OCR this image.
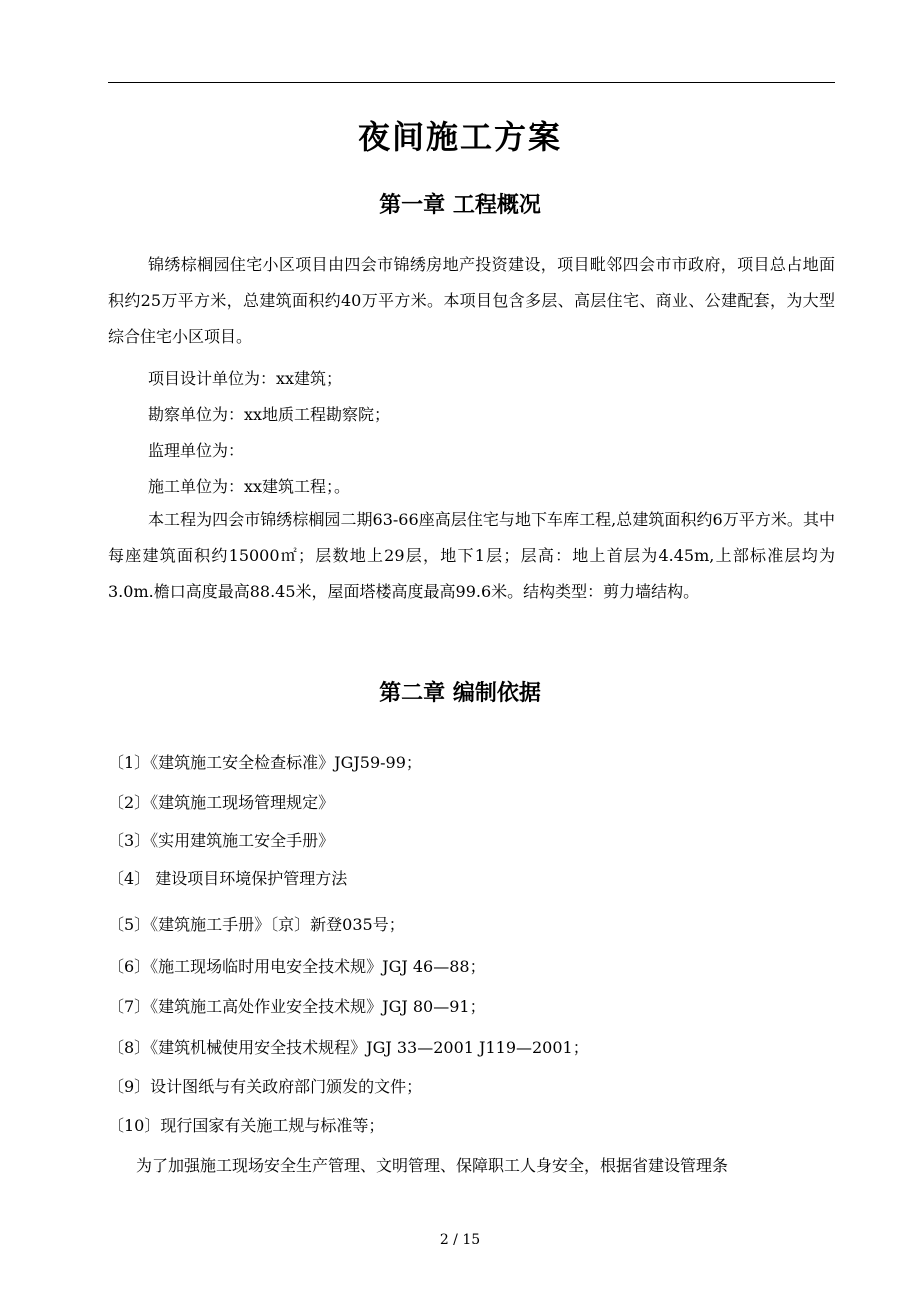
夜间施工方案
第一章 工程概况
锦绣棕榈园住宅小区项目由四会市锦绣房地产投资建设，项目毗邻四会市市政府，项目总占地面积约25万平方米，总建筑面积约40万平方米。本项目包含多层、高层住宅、商业、公建配套，为大型综合住宅小区项目。
项目设计单位为：xx建筑；
勘察单位为：xx地质工程勘察院；
监理单位为：
施工单位为：xx建筑工程；。
本工程为四会市锦绣棕榈园二期63-66座高层住宅与地下车库工程,总建筑面积约6万平方米。其中每座建筑面积约15000㎡；层数地上29层，地下1层；层高：地上首层为4.45m,上部标准层均为3.0m.檐口高度最高88.45米，屋面塔楼高度最高99.6米。结构类型：剪力墙结构。
第二章 编制依据
〔1〕《建筑施工安全检查标准》JGJ59-99；
〔2〕《建筑施工现场管理规定》
〔3〕《实用建筑施工安全手册》
〔4〕 建设项目环境保护管理方法
〔5〕《建筑施工手册》〔京〕新登035号；
〔6〕《施工现场临时用电安全技术规》JGJ 46—88；
〔7〕《建筑施工高处作业安全技术规》JGJ 80—91；
〔8〕《建筑机械使用安全技术规程》JGJ 33—2001 J119—2001；
〔9〕设计图纸与有关政府部门颁发的文件；
〔10〕现行国家有关施工规与标准等；
为了加强施工现场安全生产管理、文明管理、保障职工人身安全，根据省建设管理条
2 / 15
